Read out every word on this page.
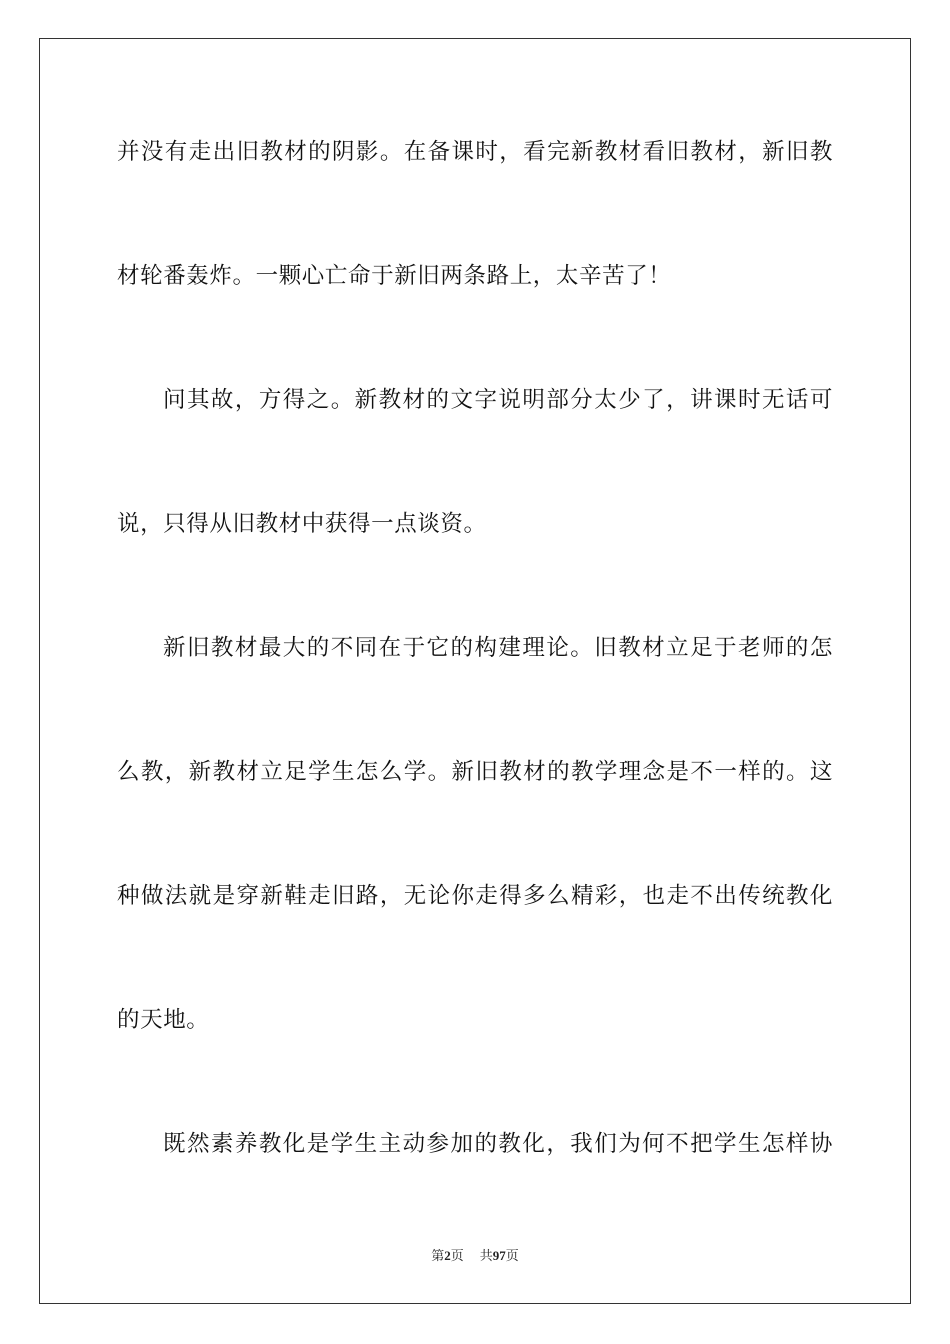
并没有走出旧教材的阴影。在备课时，看完新教材看旧教材，新旧教
材轮番轰炸。一颗心亡命于新旧两条路上，太辛苦了！
问其故，方得之。新教材的文字说明部分太少了，讲课时无话可
说，只得从旧教材中获得一点谈资。
新旧教材最大的不同在于它的构建理论。旧教材立足于老师的怎
么教，新教材立足学生怎么学。新旧教材的教学理念是不一样的。这
种做法就是穿新鞋走旧路，无论你走得多么精彩，也走不出传统教化
的天地。
既然素养教化是学生主动参加的教化，我们为何不把学生怎样协
第2页 共97页
